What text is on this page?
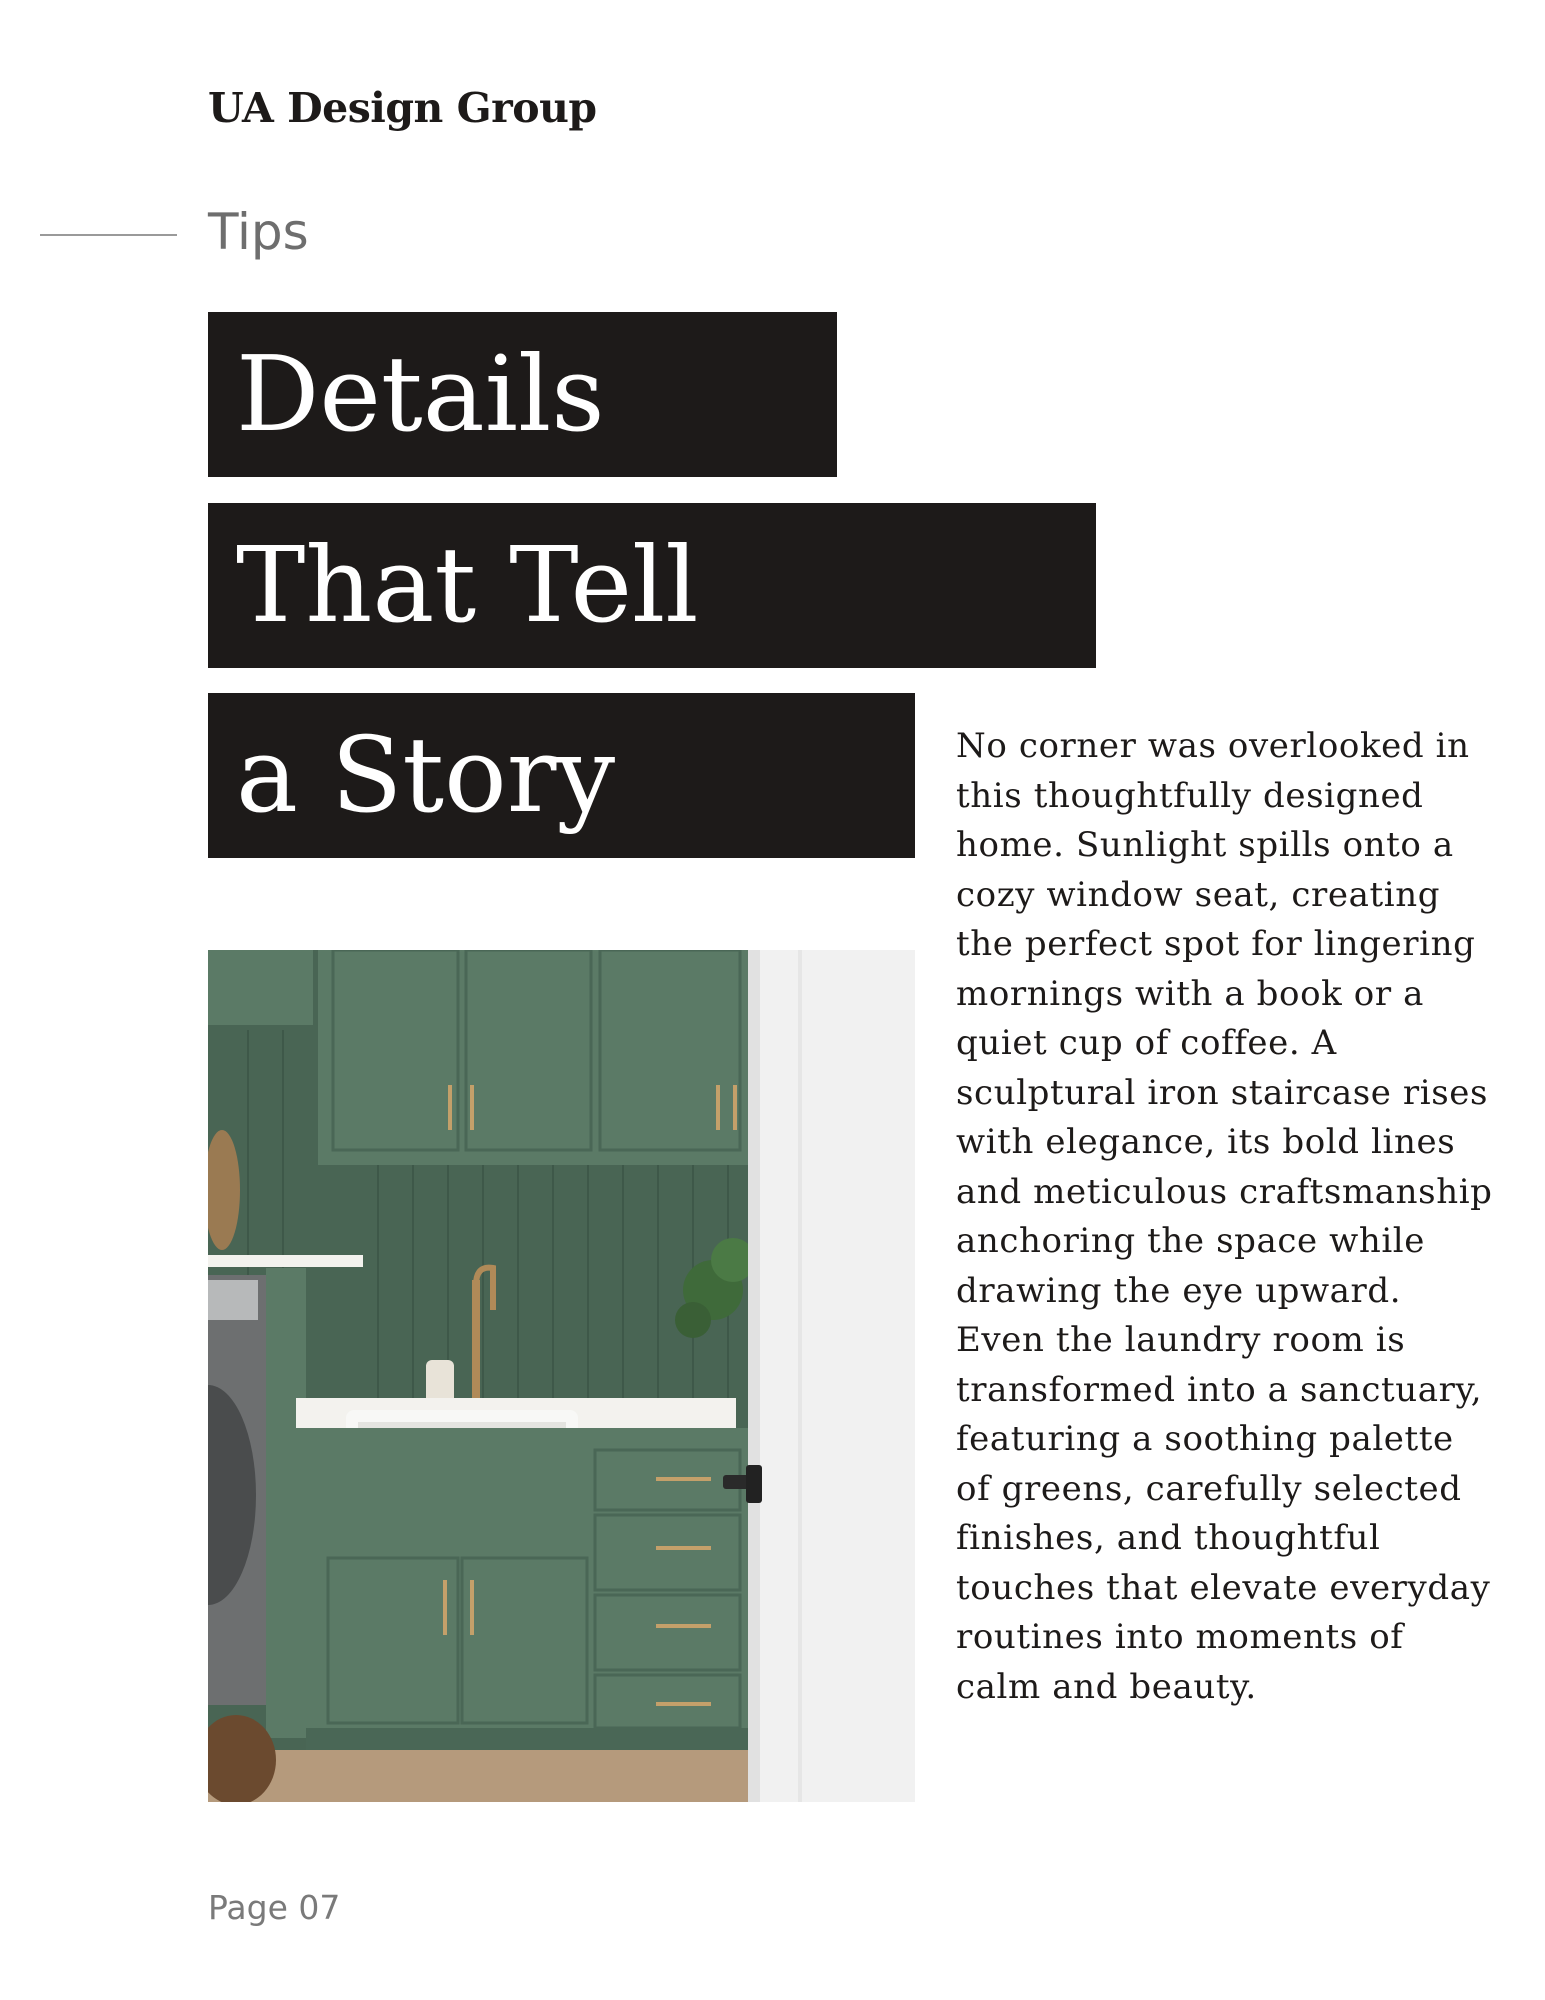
UA Design Group
Tips
Details
That Tell
a Story	No corner was overlooked in this thoughtfully designed home. Sunlight spills onto a cozy window seat, creating the perfect spot for lingering mornings with a book or a quiet cup of coffee. A sculptural iron staircase rises with elegance, its bold lines and meticulous craftsmanship anchoring the space while drawing the eye upward. Even the laundry room is transformed into a sanctuary, featuring a soothing palette of greens, carefully selected finishes, and thoughtful touches that elevate everyday routines into moments of calm and beauty.

Page 07
